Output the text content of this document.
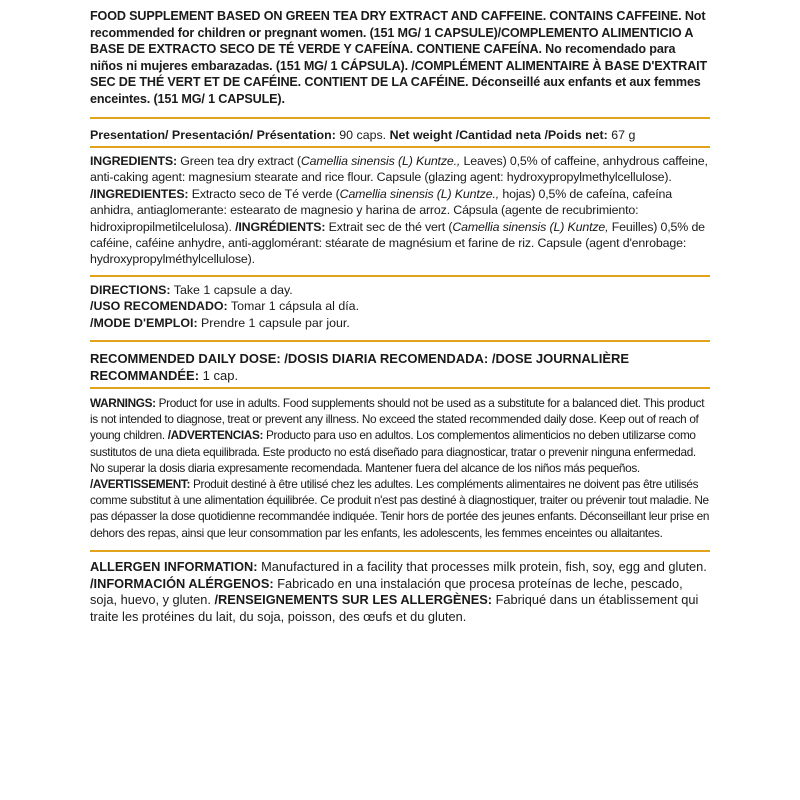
FOOD SUPPLEMENT BASED ON GREEN TEA DRY EXTRACT AND CAFFEINE. CONTAINS CAFFEINE. Not recommended for children or pregnant women. (151 MG/ 1 CAPSULE)/COMPLEMENTO ALIMENTICIO A BASE DE EXTRACTO SECO DE TÉ VERDE Y CAFEÍNA. CONTIENE CAFEÍNA. No recomendado para niños ni mujeres embarazadas. (151 MG/ 1 CÁPSULA). /COMPLÉMENT ALIMENTAIRE À BASE D'EXTRAIT SEC DE THÉ VERT ET DE CAFÉINE. CONTIENT DE LA CAFÉINE. Déconseillé aux enfants et aux femmes enceintes. (151 MG/ 1 CAPSULE).
Presentation/ Presentación/ Présentation: 90 caps. Net weight /Cantidad neta /Poids net: 67 g
INGREDIENTS: Green tea dry extract (Camellia sinensis (L) Kuntze., Leaves) 0,5% of caffeine, anhydrous caffeine, anti-caking agent: magnesium stearate and rice flour. Capsule (glazing agent: hydroxypropylmethylcellulose). /INGREDIENTES: Extracto seco de Té verde (Camellia sinensis (L) Kuntze., hojas) 0,5% de cafeína, cafeína anhidra, antiaglomerante: estearato de magnesio y harina de arroz. Cápsula (agente de recubrimiento: hidroxipropilmetilcelulosa). /INGRÉDIENTS: Extrait sec de thé vert (Camellia sinensis (L) Kuntze, Feuilles) 0,5% de caféine, caféine anhydre, anti-agglomérant: stéarate de magnésium et farine de riz. Capsule (agent d'enrobage: hydroxypropylméthylcellulose).
DIRECTIONS: Take 1 capsule a day.
/USO RECOMENDADO: Tomar 1 cápsula al día.
/MODE D'EMPLOI: Prendre 1 capsule par jour.
RECOMMENDED DAILY DOSE: /DOSIS DIARIA RECOMENDADA: /DOSE JOURNALIÈRE RECOMMANDÉE: 1 cap.
WARNINGS: Product for use in adults. Food supplements should not be used as a substitute for a balanced diet. This product is not intended to diagnose, treat or prevent any illness. No exceed the stated recommended daily dose. Keep out of reach of young children. /ADVERTENCIAS: Producto para uso en adultos. Los complementos alimenticios no deben utilizarse como sustitutos de una dieta equilibrada. Este producto no está diseñado para diagnosticar, tratar o prevenir ninguna enfermedad. No superar la dosis diaria expresamente recomendada. Mantener fuera del alcance de los niños más pequeños. /AVERTISSEMENT: Produit destiné à être utilisé chez les adultes. Les compléments alimentaires ne doivent pas être utilisés comme substitut à une alimentation équilibrée. Ce produit n'est pas destiné à diagnostiquer, traiter ou prévenir tout maladie. Ne pas dépasser la dose quotidienne recommandée indiquée. Tenir hors de portée des jeunes enfants. Déconseillant leur prise en dehors des repas, ainsi que leur consommation par les enfants, les adolescents, les femmes enceintes ou allaitantes.
ALLERGEN INFORMATION: Manufactured in a facility that processes milk protein, fish, soy, egg and gluten. /INFORMACIÓN ALÉRGENOS: Fabricado en una instalación que procesa proteínas de leche, pescado, soja, huevo, y gluten. /RENSEIGNEMENTS SUR LES ALLERGÈNES: Fabriqué dans un établissement qui traite les protéines du lait, du soja, poisson, des œufs et du gluten.
